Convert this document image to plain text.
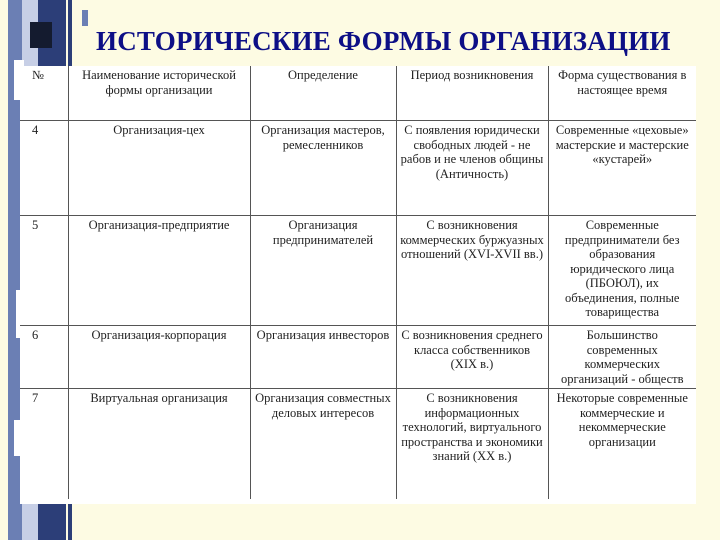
ИСТОРИЧЕСКИЕ ФОРМЫ ОРГАНИЗАЦИИ
№	Наименование исторической формы организации	Определение	Период возникновения	Форма существования в настоящее время
4	Организация-цех	Организация мастеров, ремесленников	С появления юридически свободных людей - не рабов и не членов общины (Античность)	Современные «цеховые» мастерские и мастерские «кустарей»
5	Организация-предприятие	Организация предпринимателей	С возникновения коммерческих буржуазных отношений (XVI-XVII вв.)	Современные предприниматели без образования юридического лица (ПБОЮЛ), их объединения, полные товарищества
6	Организация-корпорация	Организация инвесторов	С возникновения среднего класса собственников (XIX в.)	Большинство современных коммерческих организаций - обществ
7	Виртуальная организация	Организация совместных деловых интересов	С возникновения информационных технологий, виртуального пространства и экономики знаний (XX в.)	Некоторые современные коммерческие и некоммерческие организации
